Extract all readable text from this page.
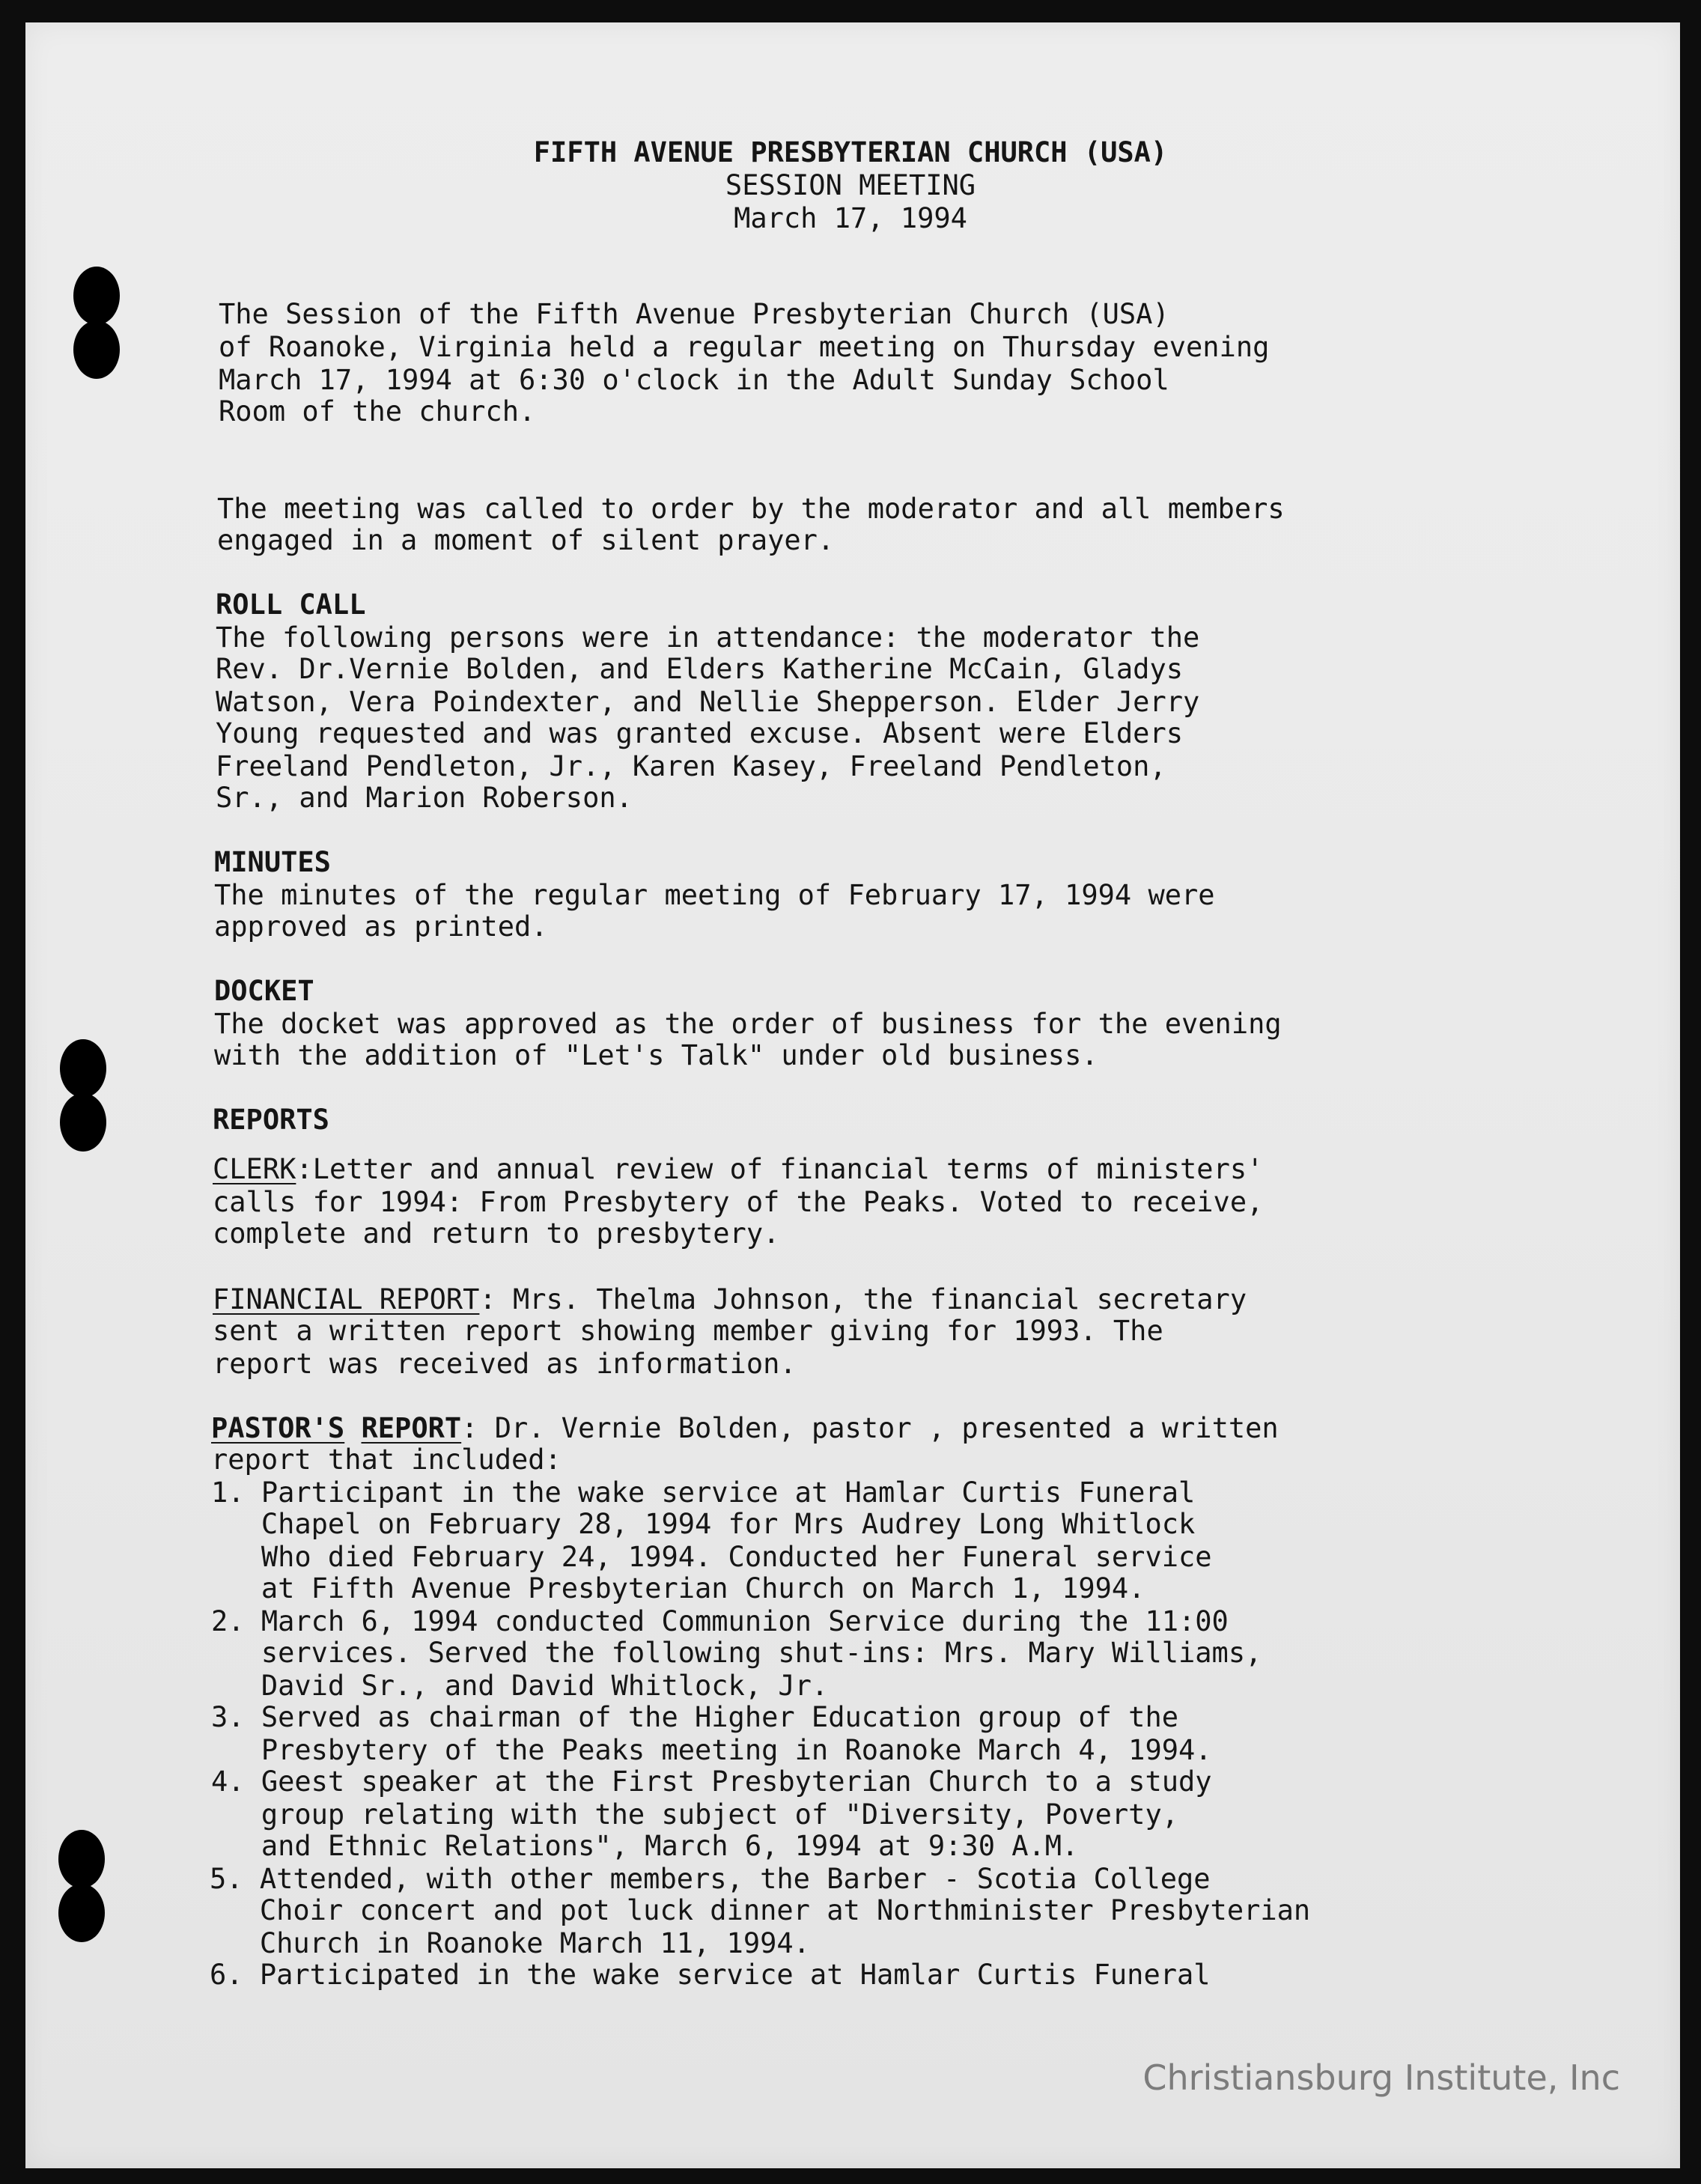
FIFTH AVENUE PRESBYTERIAN CHURCH (USA)
SESSION MEETING
March 17, 1994
The Session of the Fifth Avenue Presbyterian Church (USA)
of Roanoke, Virginia held a regular meeting on Thursday evening
March 17, 1994 at 6:30 o'clock in the Adult Sunday School
Room of the church.
The meeting was called to order by the moderator and all members
engaged in a moment of silent prayer.
ROLL CALL
The following persons were in attendance: the moderator the
Rev. Dr.Vernie Bolden, and Elders Katherine McCain, Gladys
Watson, Vera Poindexter, and Nellie Shepperson. Elder Jerry
Young requested and was granted excuse. Absent were Elders
Freeland Pendleton, Jr., Karen Kasey, Freeland Pendleton,
Sr., and Marion Roberson.
MINUTES
The minutes of the regular meeting of February 17, 1994 were
approved as printed.
DOCKET
The docket was approved as the order of business for the evening
with the addition of "Let's Talk" under old business.
REPORTS
CLERK:Letter and annual review of financial terms of ministers'
calls for 1994: From Presbytery of the Peaks. Voted to receive,
complete and return to presbytery.
FINANCIAL REPORT: Mrs. Thelma Johnson, the financial secretary
sent a written report showing member giving for 1993. The
report was received as information.
PASTOR'S REPORT: Dr. Vernie Bolden, pastor , presented a written
report that included:
1. Participant in the wake service at Hamlar Curtis Funeral
Chapel on February 28, 1994 for Mrs Audrey Long Whitlock
Who died February 24, 1994. Conducted her Funeral service
at Fifth Avenue Presbyterian Church on March 1, 1994.
2. March 6, 1994 conducted Communion Service during the 11:00
services. Served the following shut-ins: Mrs. Mary Williams,
David Sr., and David Whitlock, Jr.
3. Served as chairman of the Higher Education group of the
Presbytery of the Peaks meeting in Roanoke March 4, 1994.
4. Geest speaker at the First Presbyterian Church to a study
group relating with the subject of "Diversity, Poverty,
and Ethnic Relations", March 6, 1994 at 9:30 A.M.
5. Attended, with other members, the Barber - Scotia College
Choir concert and pot luck dinner at Northminister Presbyterian
Church in Roanoke March 11, 1994.
6. Participated in the wake service at Hamlar Curtis Funeral
Christiansburg Institute, Inc
